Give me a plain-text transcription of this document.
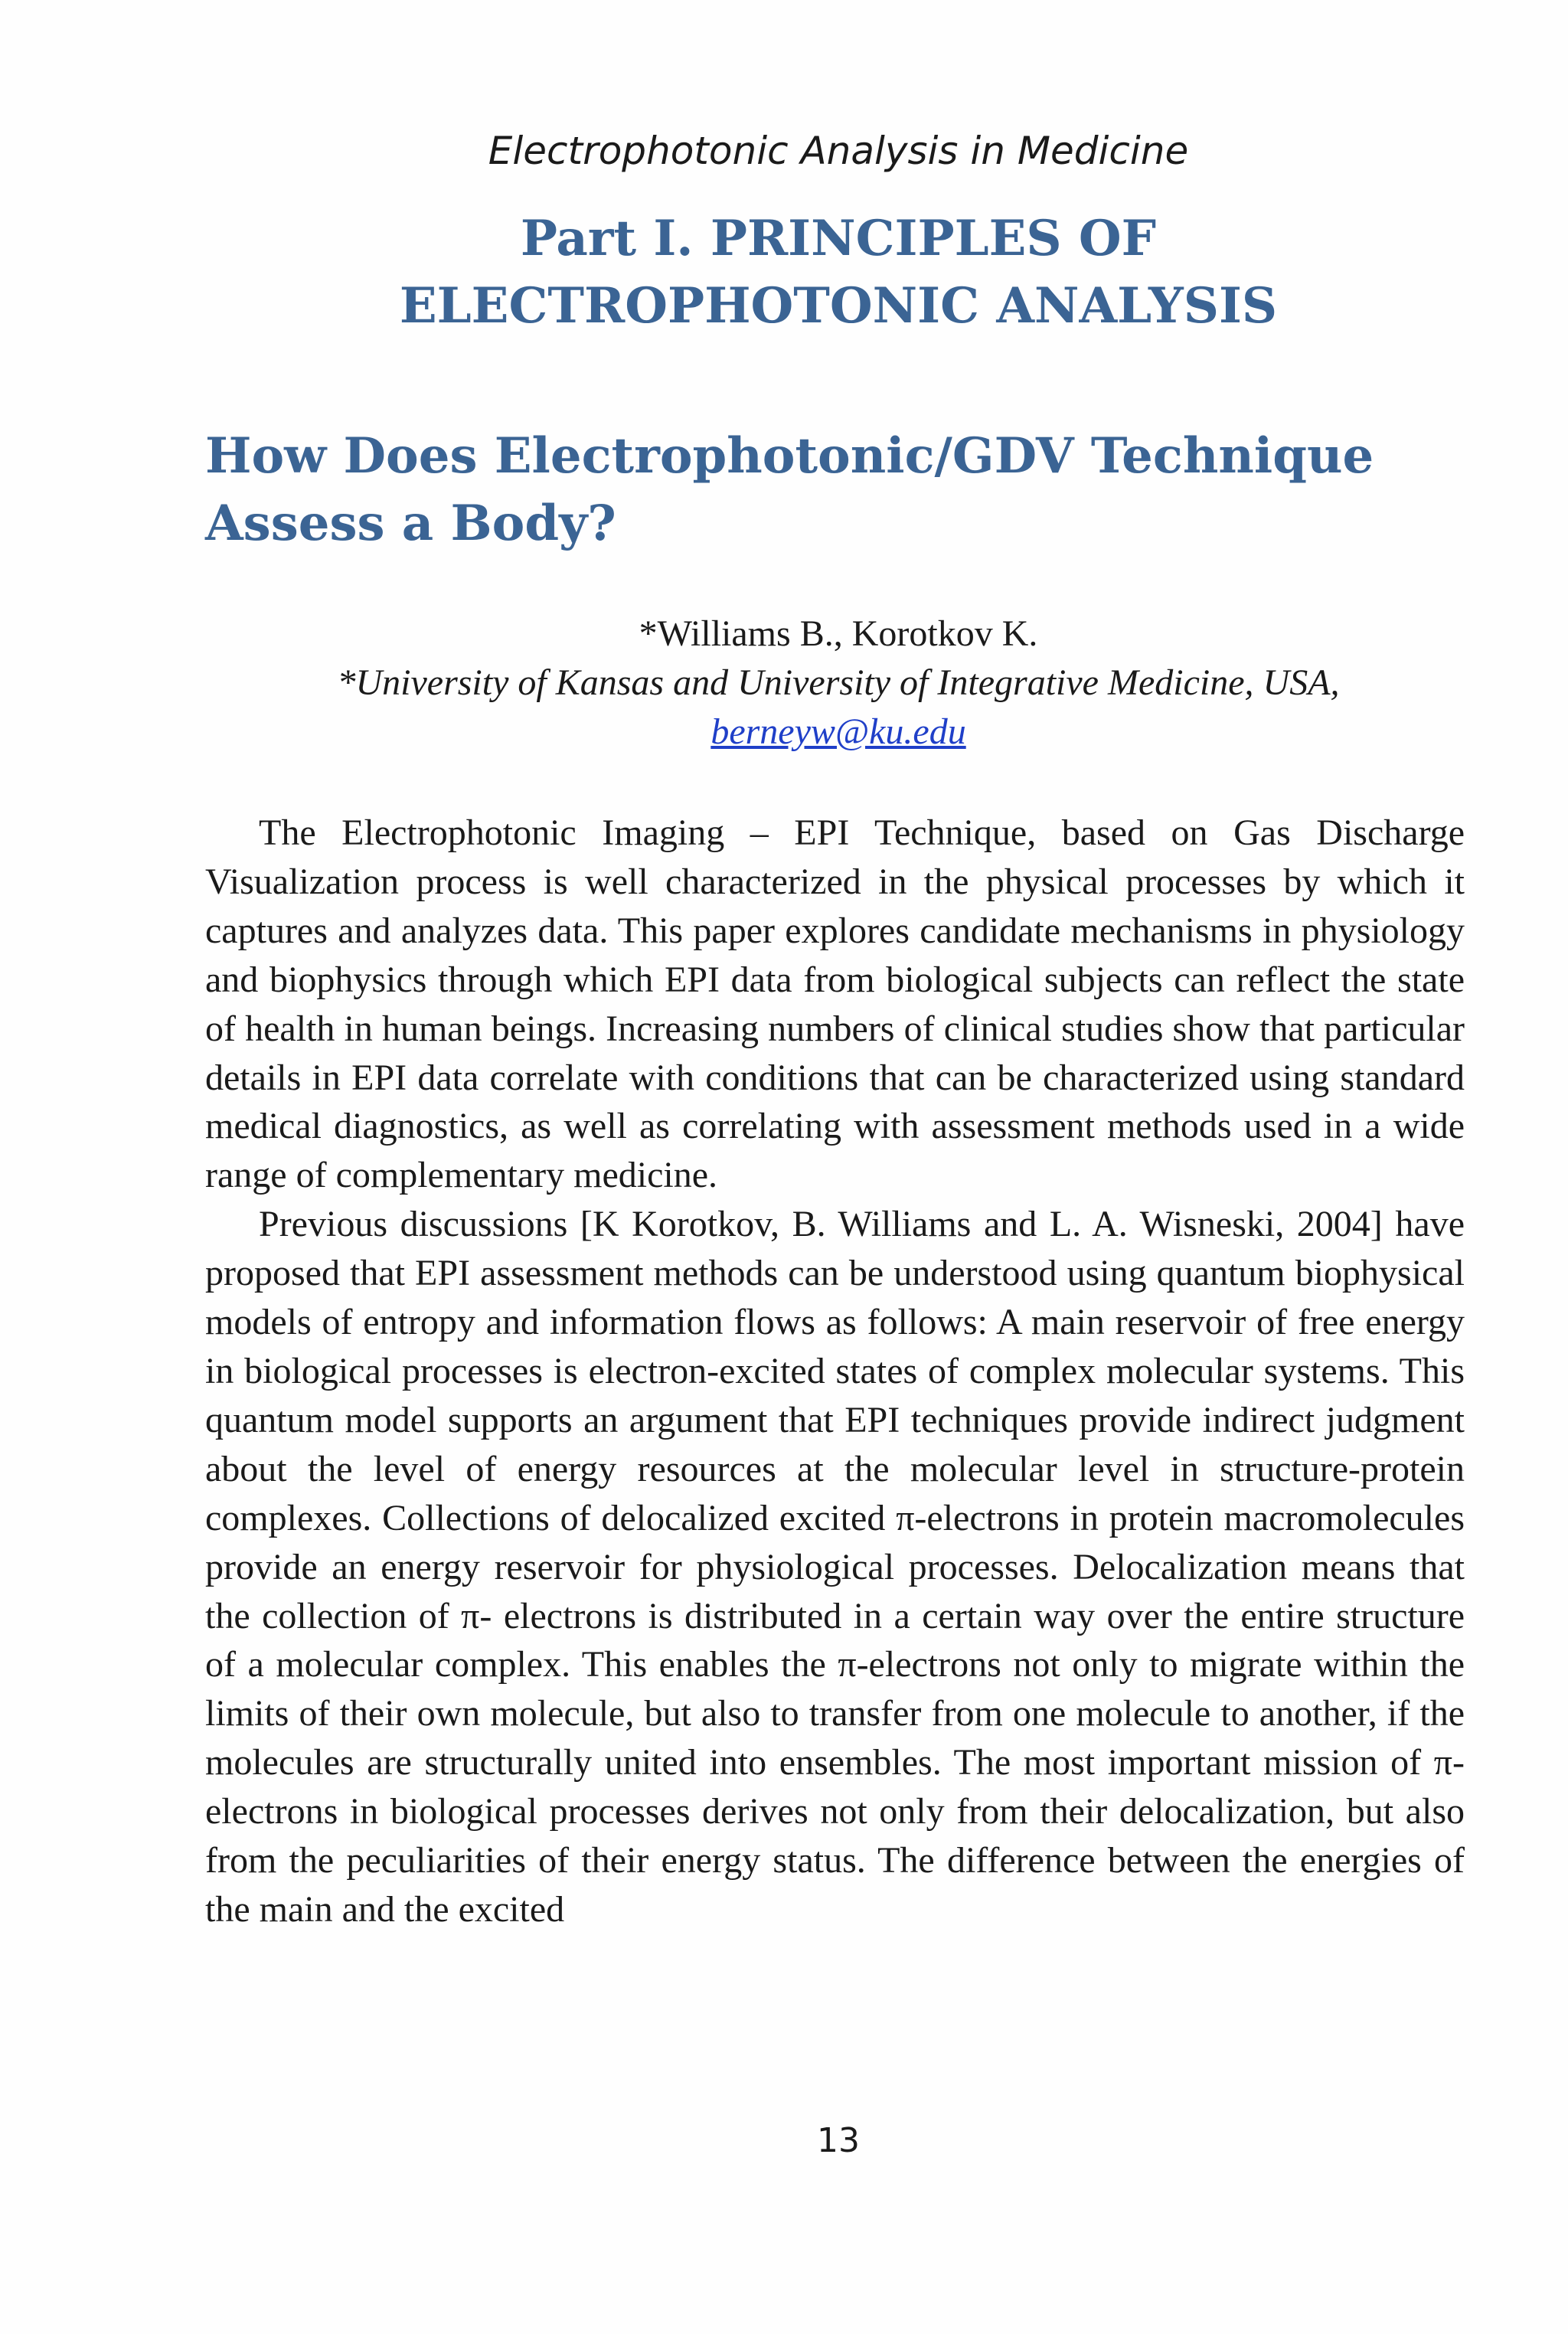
Electrophotonic Analysis in Medicine
Part I. PRINCIPLES OF
ELECTROPHOTONIC ANALYSIS
How Does Electrophotonic/GDV Technique
Assess a Body?
*Williams B., Korotkov K.
*University of Kansas and University of Integrative Medicine, USA,
berneyw@ku.edu

The Electrophotonic Imaging – EPI Technique, based on Gas Discharge Visualization process is well characterized in the physical processes by which it captures and analyzes data. This paper explores candidate mechanisms in physiology and biophysics through which EPI data from biological subjects can reflect the state of health in human beings. Increasing numbers of clinical studies show that particular details in EPI data correlate with conditions that can be characterized using standard medical diagnostics, as well as correlating with assessment methods used in a wide range of complementary medicine.

Previous discussions [K Korotkov, B. Williams and L. A. Wisneski, 2004] have proposed that EPI assessment methods can be understood using quantum biophysical models of entropy and information flows as follows: A main reservoir of free energy in biological processes is electron-excited states of complex molecular systems. This quantum model supports an argument that EPI techniques provide indirect judgment about the level of energy resources at the molecular level in structure-protein complexes. Collections of delocalized excited π-electrons in protein macromolecules provide an energy reservoir for physiological processes. Delocalization means that the collection of π- electrons is distributed in a certain way over the entire structure of a molecular complex. This enables the π-electrons not only to migrate within the limits of their own molecule, but also to transfer from one molecule to another, if the molecules are structurally united into ensembles. The most important mission of π-electrons in biological processes derives not only from their delocalization, but also from the peculiarities of their energy status. The difference between the energies of the main and the excited

13
